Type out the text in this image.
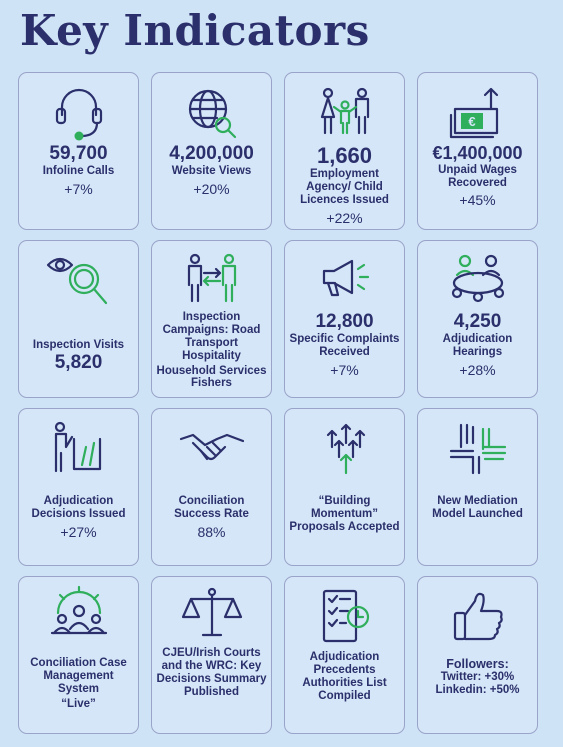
Key Indicators
59,700
Infoline Calls
+7%
4,200,000
Website Views
+20%
1,660
Employment Agency/ Child Licences Issued
+22%
€
€1,400,000
Unpaid Wages Recovered
+45%
Inspection Visits
5,820
Inspection Campaigns: Road Transport Hospitality
Household Services Fishers
12,800
Specific Complaints Received
+7%
4,250
Adjudication Hearings
+28%
Adjudication Decisions Issued
+27%
Conciliation Success Rate
88%
“Building Momentum” Proposals Accepted
New Mediation Model Launched
Conciliation Case Management System
“Live”
CJEU/Irish Courts and the WRC: Key Decisions Summary Published
Adjudication Precedents Authorities List Compiled
Followers:
Twitter: +30%
Linkedin: +50%
